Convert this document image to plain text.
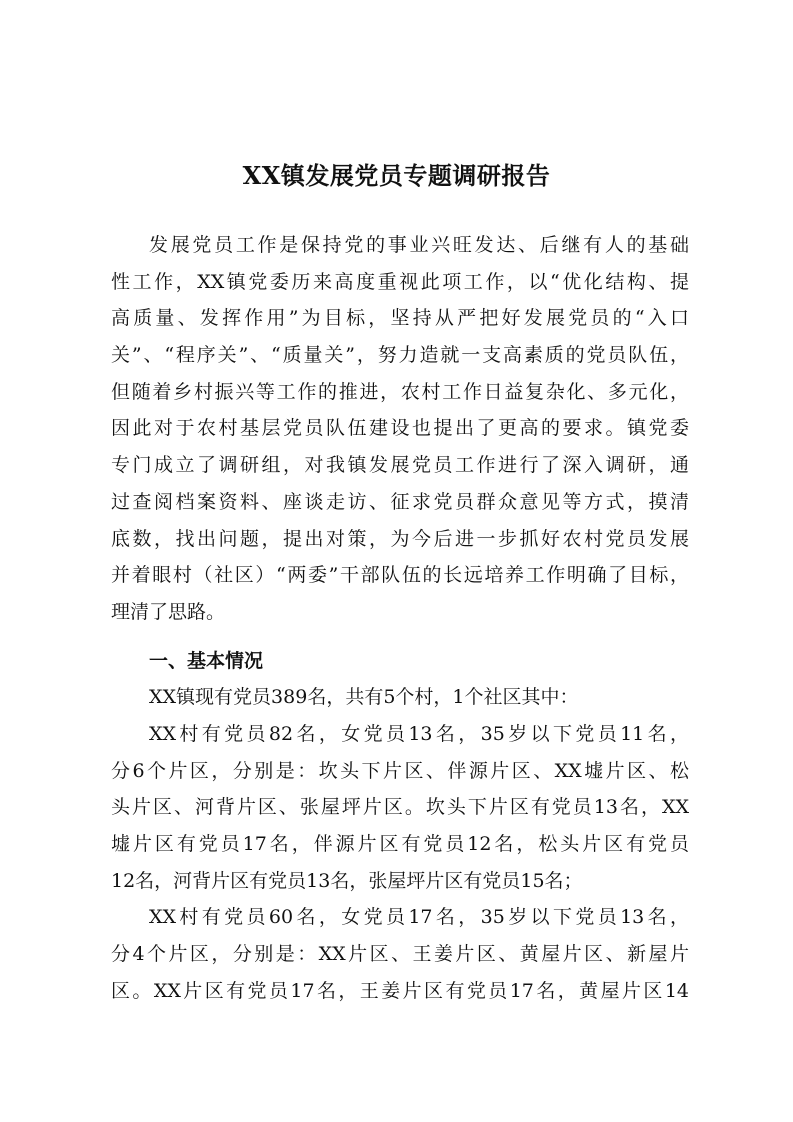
XX镇发展党员专题调研报告
发展党员工作是保持党的事业兴旺发达、后继有人的基础
性工作，XX镇党委历来高度重视此项工作，以“优化结构、提
高质量、发挥作用”为目标，坚持从严把好发展党员的“入口
关”、“程序关”、“质量关”，努力造就一支高素质的党员队伍，
但随着乡村振兴等工作的推进，农村工作日益复杂化、多元化，
因此对于农村基层党员队伍建设也提出了更高的要求。镇党委
专门成立了调研组，对我镇发展党员工作进行了深入调研，通
过查阅档案资料、座谈走访、征求党员群众意见等方式，摸清
底数，找出问题，提出对策，为今后进一步抓好农村党员发展
并着眼村（社区）“两委”干部队伍的长远培养工作明确了目标，
理清了思路。
一、基本情况
XX镇现有党员389名，共有5个村，1个社区其中：
XX村有党员82名，女党员13名，35岁以下党员11名，
分6个片区，分别是：坎头下片区、伴源片区、XX墟片区、松
头片区、河背片区、张屋坪片区。坎头下片区有党员13名，XX
墟片区有党员17名，伴源片区有党员12名，松头片区有党员
12名，河背片区有党员13名，张屋坪片区有党员15名；
XX村有党员60名，女党员17名，35岁以下党员13名，
分4个片区，分别是：XX片区、王姜片区、黄屋片区、新屋片
区。XX片区有党员17名，王姜片区有党员17名，黄屋片区14
